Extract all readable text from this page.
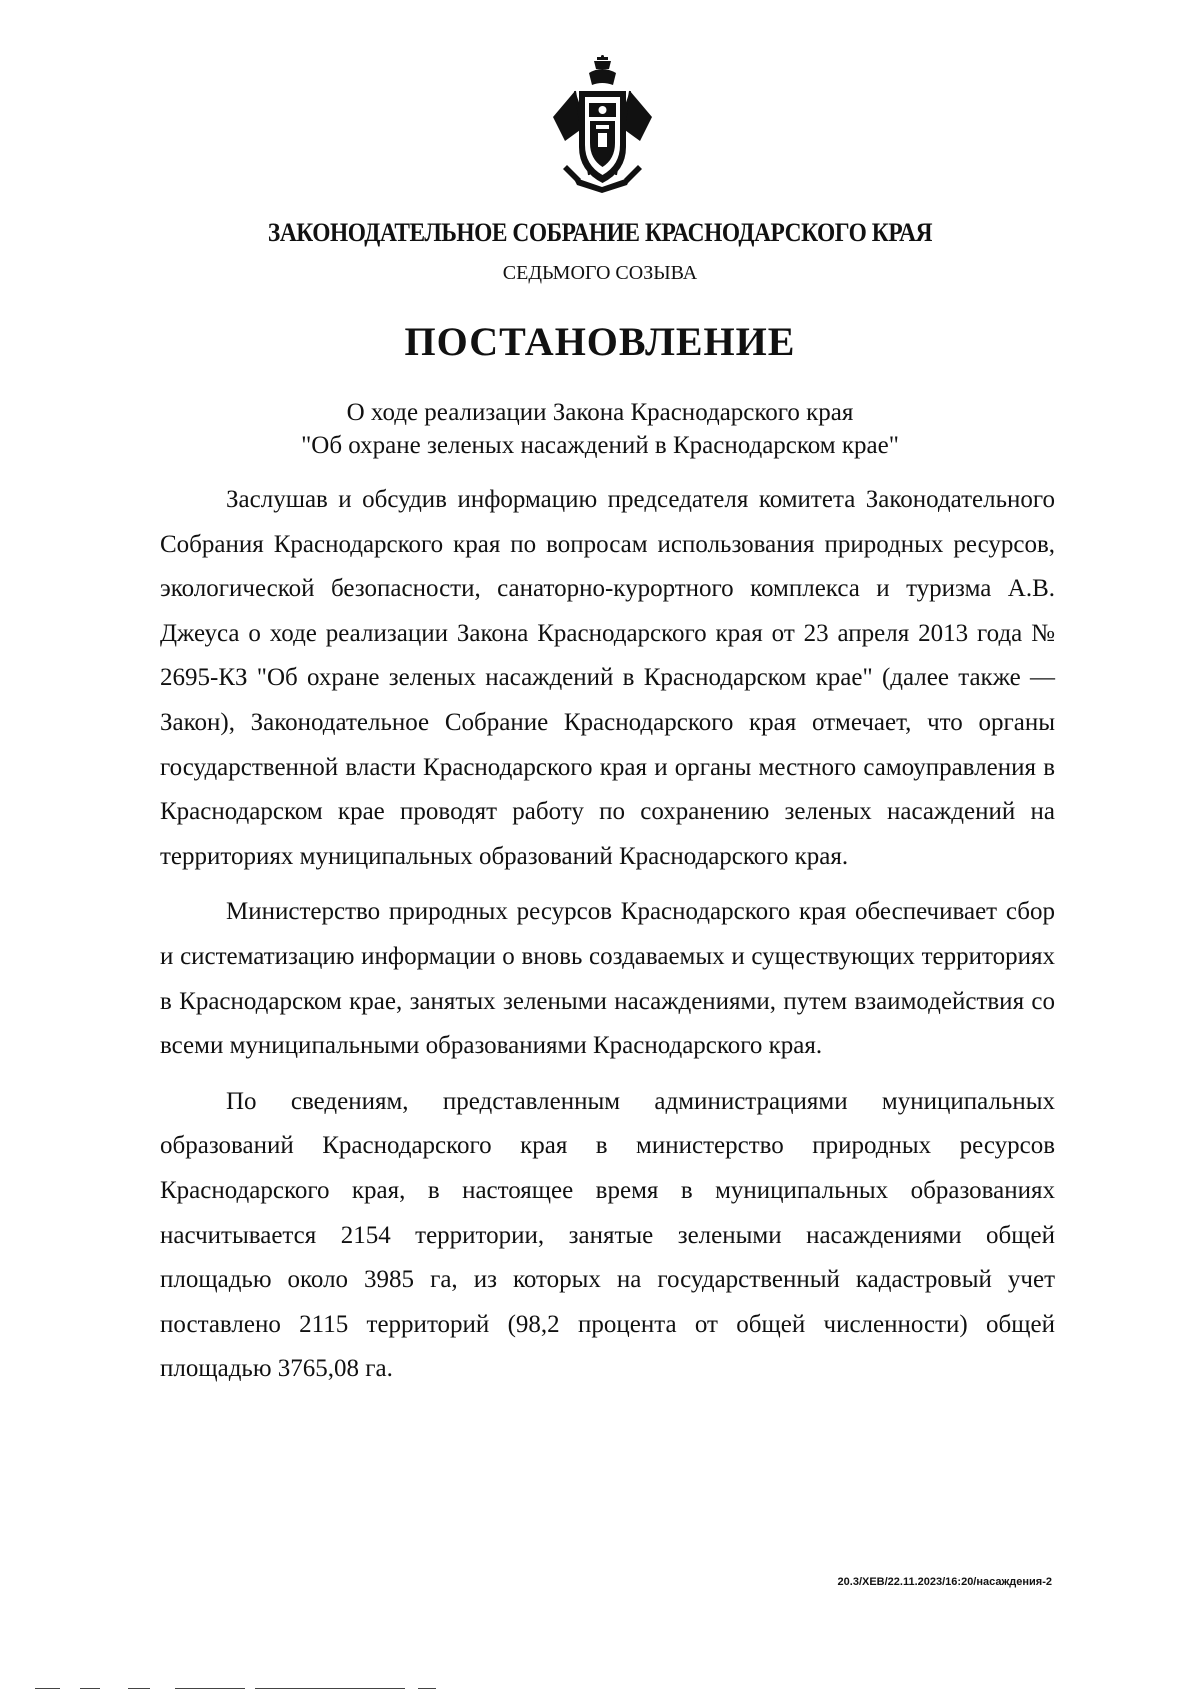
ЗАКОНОДАТЕЛЬНОЕ СОБРАНИЕ КРАСНОДАРСКОГО КРАЯ
СЕДЬМОГО СОЗЫВА
ПОСТАНОВЛЕНИЕ
О ходе реализации Закона Краснодарского края
"Об охране зеленых насаждений в Краснодарском крае"

Заслушав и обсудив информацию председателя комитета Законодательного Собрания Краснодарского края по вопросам использования природных ресурсов, экологической безопасности, санаторно-курортного комплекса и туризма А.В. Джеуса о ходе реализации Закона Краснодарского края от 23 апреля 2013 года № 2695-КЗ "Об охране зеленых насаждений в Краснодарском крае" (далее также — Закон), Законодательное Собрание Краснодарского края отмечает, что органы государственной власти Краснодарского края и органы местного самоуправления в Краснодарском крае проводят работу по сохранению зеленых насаждений на территориях муниципальных образований Краснодарского края.

Министерство природных ресурсов Краснодарского края обеспечивает сбор и систематизацию информации о вновь создаваемых и существующих территориях в Краснодарском крае, занятых зелеными насаждениями, путем взаимодействия со всеми муниципальными образованиями Краснодарского края.

По сведениям, представленным администрациями муниципальных образований Краснодарского края в министерство природных ресурсов Краснодарского края, в настоящее время в муниципальных образованиях насчитывается 2154 территории, занятые зелеными насаждениями общей площадью около 3985 га, из которых на государственный кадастровый учет поставлено 2115 территорий (98,2 процента от общей численности) общей площадью 3765,08 га.

20.3/ХЕВ/22.11.2023/16:20/насаждения-2
